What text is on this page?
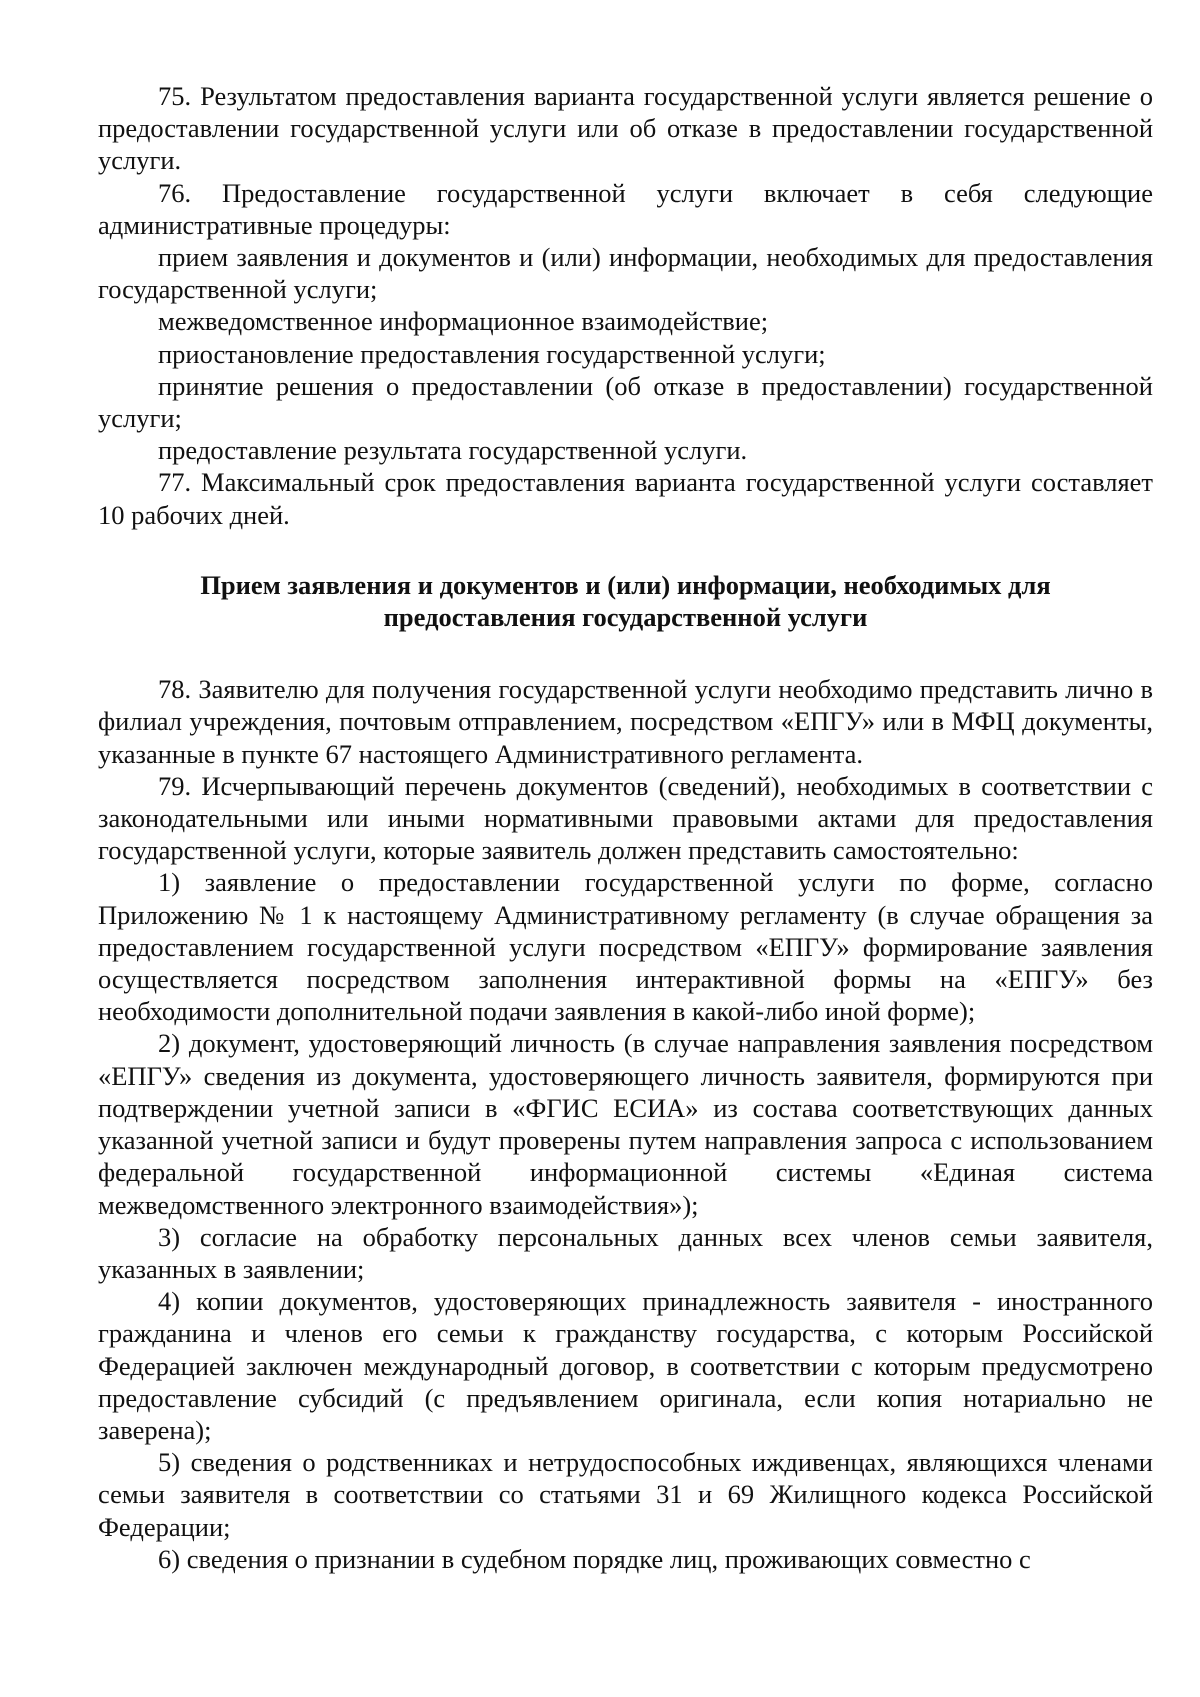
75. Результатом предоставления варианта государственной услуги является решение о предоставлении государственной услуги или об отказе в предоставлении государственной услуги.

76. Предоставление государственной услуги включает в себя следующие административные процедуры:

прием заявления и документов и (или) информации, необходимых для предоставления государственной услуги;

межведомственное информационное взаимодействие;

приостановление предоставления государственной услуги;

принятие решения о предоставлении (об отказе в предоставлении) государственной услуги;

предоставление результата государственной услуги.

77. Максимальный срок предоставления варианта государственной услуги составляет 10 рабочих дней.

Прием заявления и документов и (или) информации, необходимых для
предоставления государственной услуги

78. Заявителю для получения государственной услуги необходимо представить лично в филиал учреждения, почтовым отправлением, посредством «ЕПГУ» или в МФЦ документы, указанные в пункте 67 настоящего Административного регламента.

79. Исчерпывающий перечень документов (сведений), необходимых в соответствии с законодательными или иными нормативными правовыми актами для предоставления государственной услуги, которые заявитель должен представить самостоятельно:

1) заявление о предоставлении государственной услуги по форме, согласно Приложению № 1 к настоящему Административному регламенту (в случае обращения за предоставлением государственной услуги посредством «ЕПГУ» формирование заявления осуществляется посредством заполнения интерактивной формы на «ЕПГУ» без необходимости дополнительной подачи заявления в какой-либо иной форме);

2) документ, удостоверяющий личность (в случае направления заявления посредством «ЕПГУ» сведения из документа, удостоверяющего личность заявителя, формируются при подтверждении учетной записи в «ФГИС ЕСИА» из состава соответствующих данных указанной учетной записи и будут проверены путем направления запроса с использованием федеральной государственной информационной системы «Единая система межведомственного электронного взаимодействия»);

3) согласие на обработку персональных данных всех членов семьи заявителя, указанных в заявлении;

4) копии документов, удостоверяющих принадлежность заявителя - иностранного гражданина и членов его семьи к гражданству государства, с которым Российской Федерацией заключен международный договор, в соответствии с которым предусмотрено предоставление субсидий (с предъявлением оригинала, если копия нотариально не заверена);

5) сведения о родственниках и нетрудоспособных иждивенцах, являющихся членами семьи заявителя в соответствии со статьями 31 и 69 Жилищного кодекса Российской Федерации;

6) сведения о признании в судебном порядке лиц, проживающих совместно с
